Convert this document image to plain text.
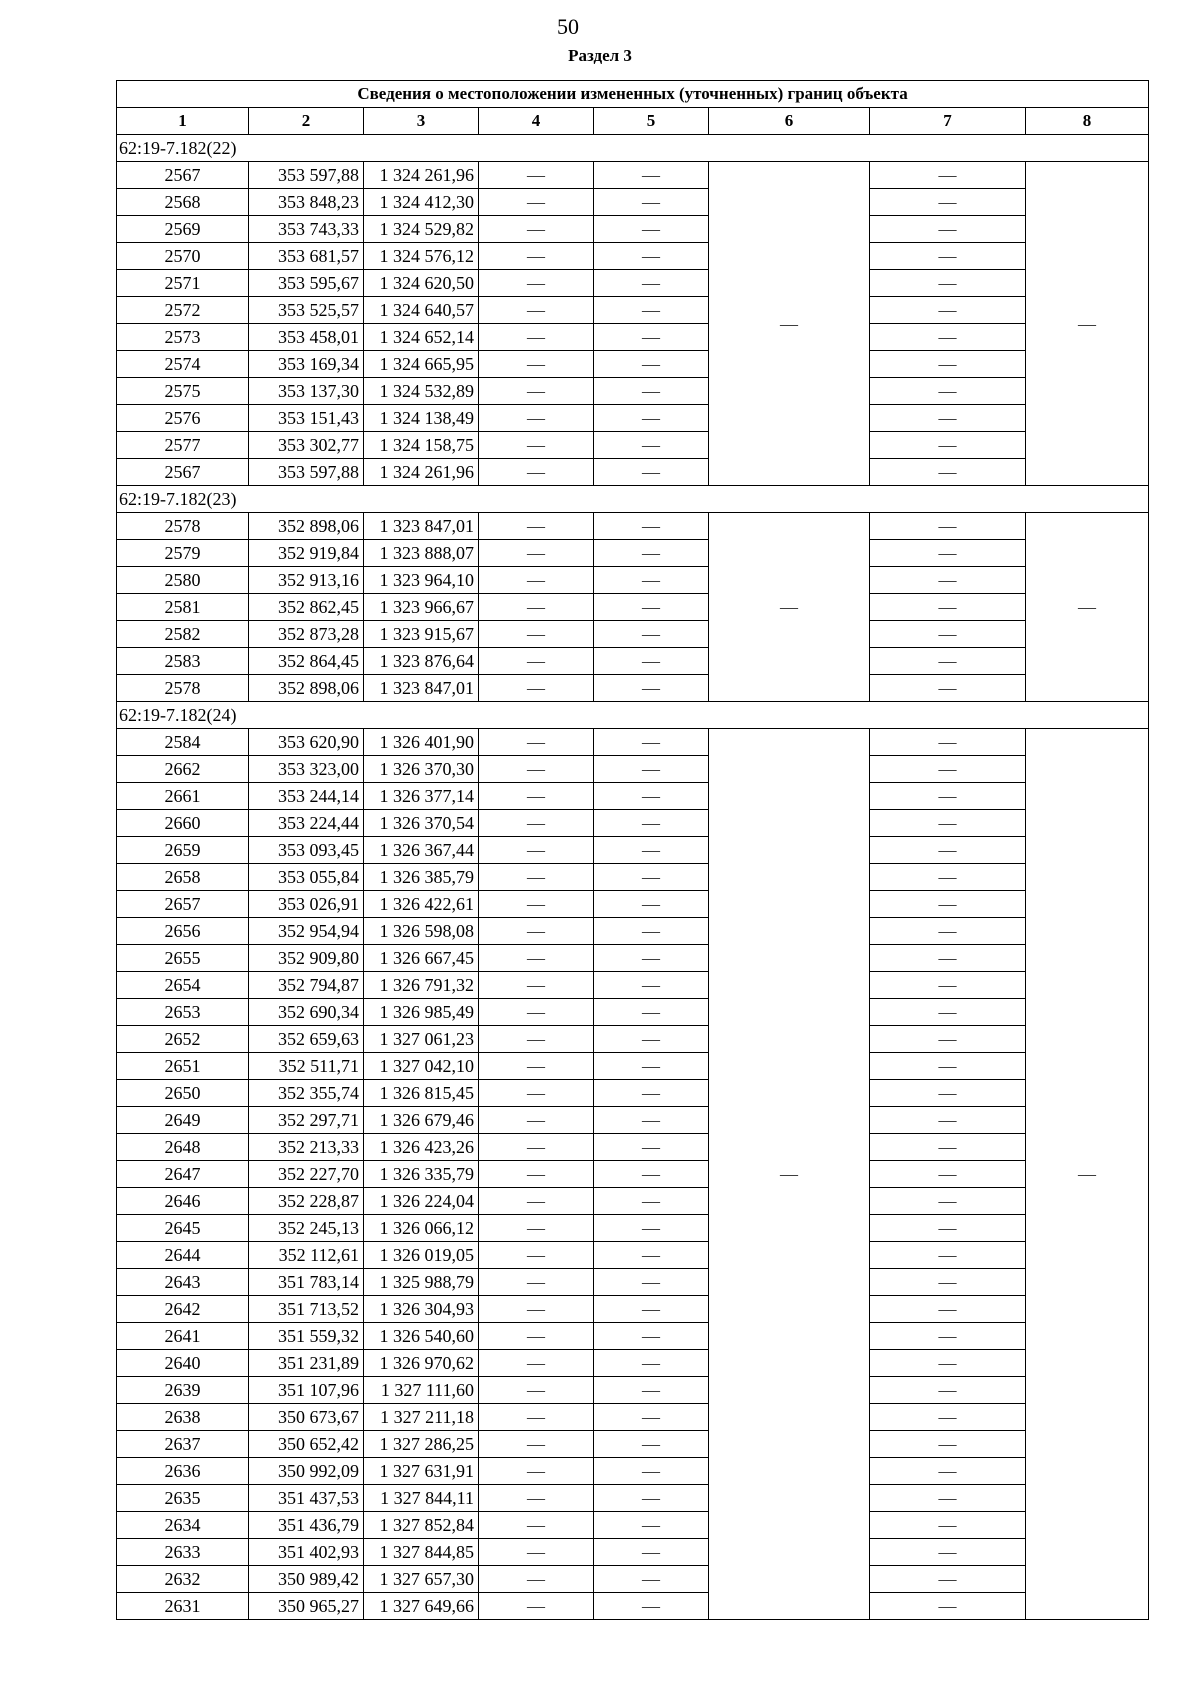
50
Раздел 3
Сведения о местоположении измененных (уточненных) границ объекта							
1	2	3	4	5	6	7	8
62:19-7.182(22)							
2567	353 597,88	1 324 261,96	—	—	—	—	—
2568	353 848,23	1 324 412,30	—	—		—	
2569	353 743,33	1 324 529,82	—	—		—	
2570	353 681,57	1 324 576,12	—	—		—	
2571	353 595,67	1 324 620,50	—	—		—	
2572	353 525,57	1 324 640,57	—	—		—	
2573	353 458,01	1 324 652,14	—	—		—	
2574	353 169,34	1 324 665,95	—	—		—	
2575	353 137,30	1 324 532,89	—	—		—	
2576	353 151,43	1 324 138,49	—	—		—	
2577	353 302,77	1 324 158,75	—	—		—	
2567	353 597,88	1 324 261,96	—	—		—	
62:19-7.182(23)							
2578	352 898,06	1 323 847,01	—	—	—	—	—
2579	352 919,84	1 323 888,07	—	—		—	
2580	352 913,16	1 323 964,10	—	—		—	
2581	352 862,45	1 323 966,67	—	—		—	
2582	352 873,28	1 323 915,67	—	—		—	
2583	352 864,45	1 323 876,64	—	—		—	
2578	352 898,06	1 323 847,01	—	—		—	
62:19-7.182(24)							
2584	353 620,90	1 326 401,90	—	—	—	—	—
2662	353 323,00	1 326 370,30	—	—		—	
2661	353 244,14	1 326 377,14	—	—		—	
2660	353 224,44	1 326 370,54	—	—		—	
2659	353 093,45	1 326 367,44	—	—		—	
2658	353 055,84	1 326 385,79	—	—		—	
2657	353 026,91	1 326 422,61	—	—		—	
2656	352 954,94	1 326 598,08	—	—		—	
2655	352 909,80	1 326 667,45	—	—		—	
2654	352 794,87	1 326 791,32	—	—		—	
2653	352 690,34	1 326 985,49	—	—		—	
2652	352 659,63	1 327 061,23	—	—		—	
2651	352 511,71	1 327 042,10	—	—		—	
2650	352 355,74	1 326 815,45	—	—		—	
2649	352 297,71	1 326 679,46	—	—		—	
2648	352 213,33	1 326 423,26	—	—		—	
2647	352 227,70	1 326 335,79	—	—		—	
2646	352 228,87	1 326 224,04	—	—		—	
2645	352 245,13	1 326 066,12	—	—		—	
2644	352 112,61	1 326 019,05	—	—		—	
2643	351 783,14	1 325 988,79	—	—		—	
2642	351 713,52	1 326 304,93	—	—		—	
2641	351 559,32	1 326 540,60	—	—		—	
2640	351 231,89	1 326 970,62	—	—		—	
2639	351 107,96	1 327 111,60	—	—		—	
2638	350 673,67	1 327 211,18	—	—		—	
2637	350 652,42	1 327 286,25	—	—		—	
2636	350 992,09	1 327 631,91	—	—		—	
2635	351 437,53	1 327 844,11	—	—		—	
2634	351 436,79	1 327 852,84	—	—		—	
2633	351 402,93	1 327 844,85	—	—		—	
2632	350 989,42	1 327 657,30	—	—		—	
2631	350 965,27	1 327 649,66	—	—		—	
